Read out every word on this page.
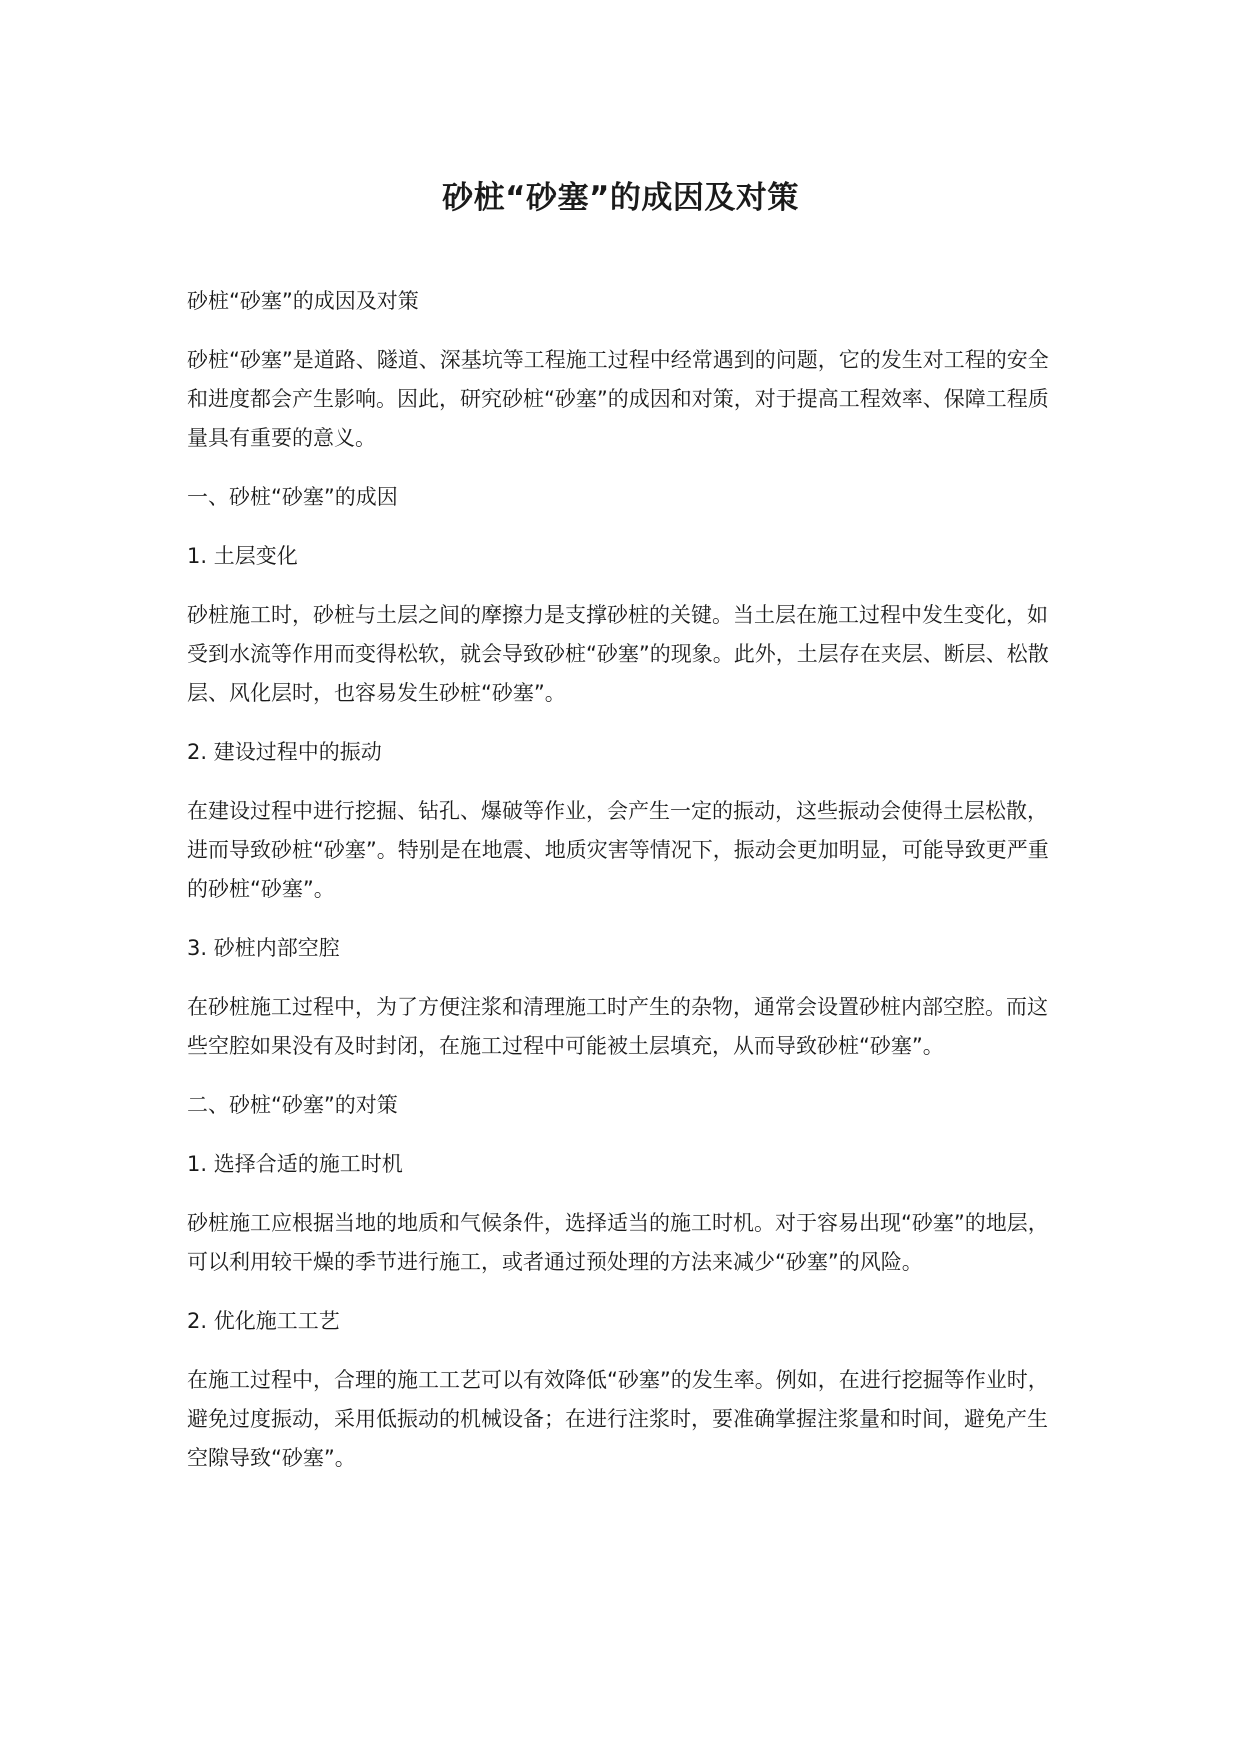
砂桩“砂塞”的成因及对策

砂桩“砂塞”的成因及对策

砂桩“砂塞”是道路、隧道、深基坑等工程施工过程中经常遇到的问题，它的发生对工程的安全和进度都会产生影响。因此，研究砂桩“砂塞”的成因和对策，对于提高工程效率、保障工程质量具有重要的意义。

一、砂桩“砂塞”的成因

1. 土层变化

砂桩施工时，砂桩与土层之间的摩擦力是支撑砂桩的关键。当土层在施工过程中发生变化，如受到水流等作用而变得松软，就会导致砂桩“砂塞”的现象。此外，土层存在夹层、断层、松散层、风化层时，也容易发生砂桩“砂塞”。

2. 建设过程中的振动

在建设过程中进行挖掘、钻孔、爆破等作业，会产生一定的振动，这些振动会使得土层松散，进而导致砂桩“砂塞”。特别是在地震、地质灾害等情况下，振动会更加明显，可能导致更严重的砂桩“砂塞”。

3. 砂桩内部空腔

在砂桩施工过程中，为了方便注浆和清理施工时产生的杂物，通常会设置砂桩内部空腔。而这些空腔如果没有及时封闭，在施工过程中可能被土层填充，从而导致砂桩“砂塞”。

二、砂桩“砂塞”的对策

1. 选择合适的施工时机

砂桩施工应根据当地的地质和气候条件，选择适当的施工时机。对于容易出现“砂塞”的地层，可以利用较干燥的季节进行施工，或者通过预处理的方法来减少“砂塞”的风险。

2. 优化施工工艺

在施工过程中，合理的施工工艺可以有效降低“砂塞”的发生率。例如，在进行挖掘等作业时，避免过度振动，采用低振动的机械设备；在进行注浆时，要准确掌握注浆量和时间，避免产生空隙导致“砂塞”。
